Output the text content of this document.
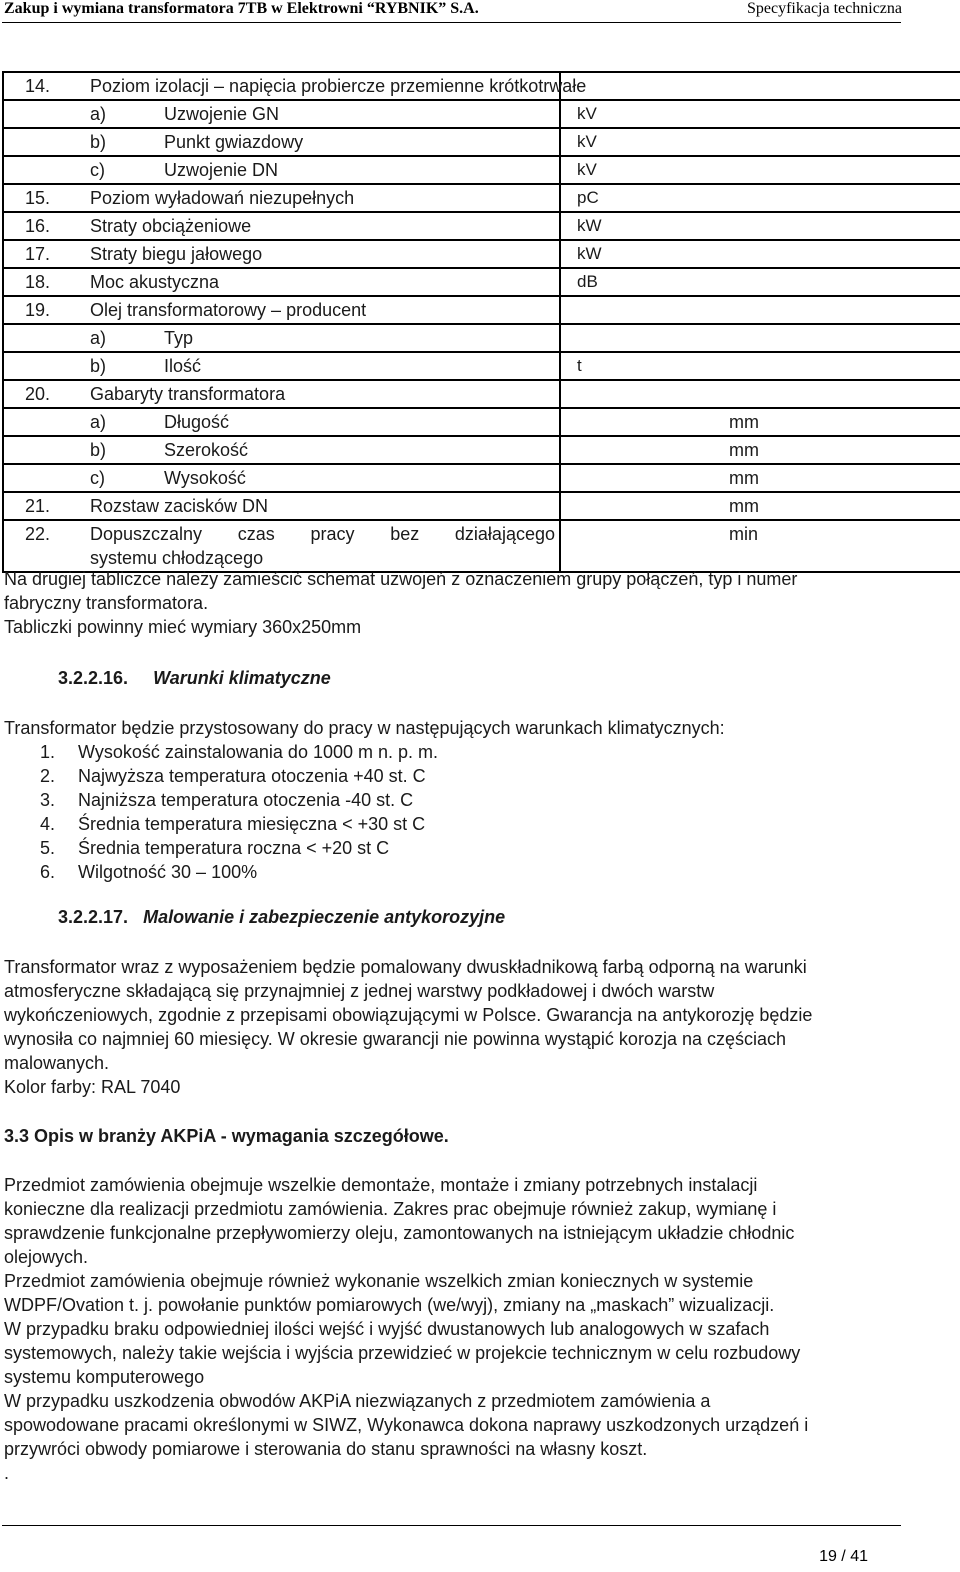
Zakup i wymiana transformatora 7TB w Elektrowni “RYBNIK” S.A.	Specyfikacja techniczna
14. Poziom izolacji – napięcia probiercze przemienne krótkotrwałe	

a) Uzwojenie GN kV	

b) Punkt gwiazdowy kV	

c) Uzwojenie DN kV	

15. Poziom wyładowań niezupełnych pC	

16. Straty obciążeniowe kW	

17. Straty biegu jałowego kW	

18. Moc akustyczna dB	

19. Olej transformatorowy – producent	

a) Typ	

b) Ilość t	

20. Gabaryty transformatora	

a) Długość	mm

b) Szerokość	mm

c) Wysokość	mm

21. Rozstaw zacisków DN	mm

22. Dopuszczalny czas pracy bez działającego
systemu chłodzącego	min
Na drugiej tabliczce należy zamieścić schemat uzwojeń z oznaczeniem grupy połączeń, typ i numer
fabryczny transformatora.
Tabliczki powinny mieć wymiary 360x250mm
3.2.2.16. Warunki klimatyczne
Transformator będzie przystosowany do pracy w następujących warunkach klimatycznych:
1. Wysokość zainstalowania do 1000 m n. p. m.
2. Najwyższa temperatura otoczenia +40 st. C
3. Najniższa temperatura otoczenia -40 st. C
4. Średnia temperatura miesięczna < +30 st C
5. Średnia temperatura roczna < +20 st C
6. Wilgotność 30 – 100%
3.2.2.17. Malowanie i zabezpieczenie antykorozyjne
Transformator wraz z wyposażeniem będzie pomalowany dwuskładnikową farbą odporną na warunki
atmosferyczne składającą się przynajmniej z jednej warstwy podkładowej i dwóch warstw
wykończeniowych, zgodnie z przepisami obowiązującymi w Polsce. Gwarancja na antykorozję będzie
wynosiła co najmniej 60 miesięcy. W okresie gwarancji nie powinna wystąpić korozja na częściach
malowanych.
Kolor farby: RAL 7040
3.3 Opis w branży AKPiA - wymagania szczegółowe.
Przedmiot zamówienia obejmuje wszelkie demontaże, montaże i zmiany potrzebnych instalacji
konieczne dla realizacji przedmiotu zamówienia. Zakres prac obejmuje również zakup, wymianę i
sprawdzenie funkcjonalne przepływomierzy oleju, zamontowanych na istniejącym układzie chłodnic
olejowych.
Przedmiot zamówienia obejmuje również wykonanie wszelkich zmian koniecznych w systemie
WDPF/Ovation t. j. powołanie punktów pomiarowych (we/wyj), zmiany na „maskach” wizualizacji.
W przypadku braku odpowiedniej ilości wejść i wyjść dwustanowych lub analogowych w szafach
systemowych, należy takie wejścia i wyjścia przewidzieć w projekcie technicznym w celu rozbudowy
systemu komputerowego
W przypadku uszkodzenia obwodów AKPiA niezwiązanych z przedmiotem zamówienia a
spowodowane pracami określonymi w SIWZ, Wykonawca dokona naprawy uszkodzonych urządzeń i
przywróci obwody pomiarowe i sterowania do stanu sprawności na własny koszt.
.
19 / 41
